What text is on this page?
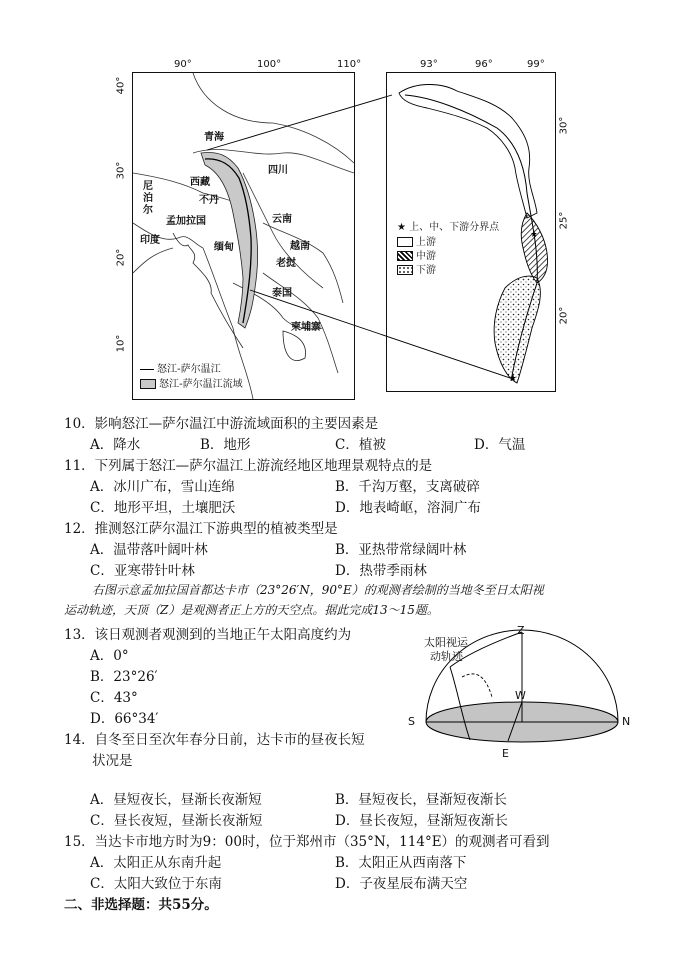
90°	100°	110°
40°
30°
20°
10°
青海
四川
西藏
尼泊尔
不丹
孟加拉国
印度
云南
缅甸	越南
老挝
泰国
柬埔寨
怒江-萨尔温江
怒江-萨尔温江流域
93°	96°	99°
30°
25°
20°
★ 上、中、下游分界点
上游
中游
下游
10．影响怒江—萨尔温江中游流域面积的主要因素是
A．降水	B．地形	C．植被	D．气温
11．下列属于怒江—萨尔温江上游流经地区地理景观特点的是
A．冰川广布，雪山连绵	B．千沟万壑，支离破碎
C．地形平坦，土壤肥沃	D．地表崎岖，溶洞广布
12．推测怒江萨尔温江下游典型的植被类型是
A．温带落叶阔叶林	B．亚热带常绿阔叶林
C．亚寒带针叶林	D．热带季雨林
右图示意孟加拉国首都达卡市（23°26′N，90°E）的观测者绘制的当地冬至日太阳视
运动轨迹，天顶（Z）是观测者正上方的天空点。据此完成13～15题。
13．该日观测者观测到的当地正午太阳高度约为
A．0°
B．23°26′
C．43°
D．66°34′
太阳视运
动轨迹
Z
W
S	N
E
14．自冬至日至次年春分日前，达卡市的昼夜长短
状况是
A．昼短夜长，昼渐长夜渐短	B．昼短夜长，昼渐短夜渐长
C．昼长夜短，昼渐长夜渐短	D．昼长夜短，昼渐短夜渐长
15．当达卡市地方时为9：00时，位于郑州市（35°N，114°E）的观测者可看到
A．太阳正从东南升起	B．太阳正从西南落下
C．太阳大致位于东南	D．子夜星辰布满天空
二、非选择题：共55分。
